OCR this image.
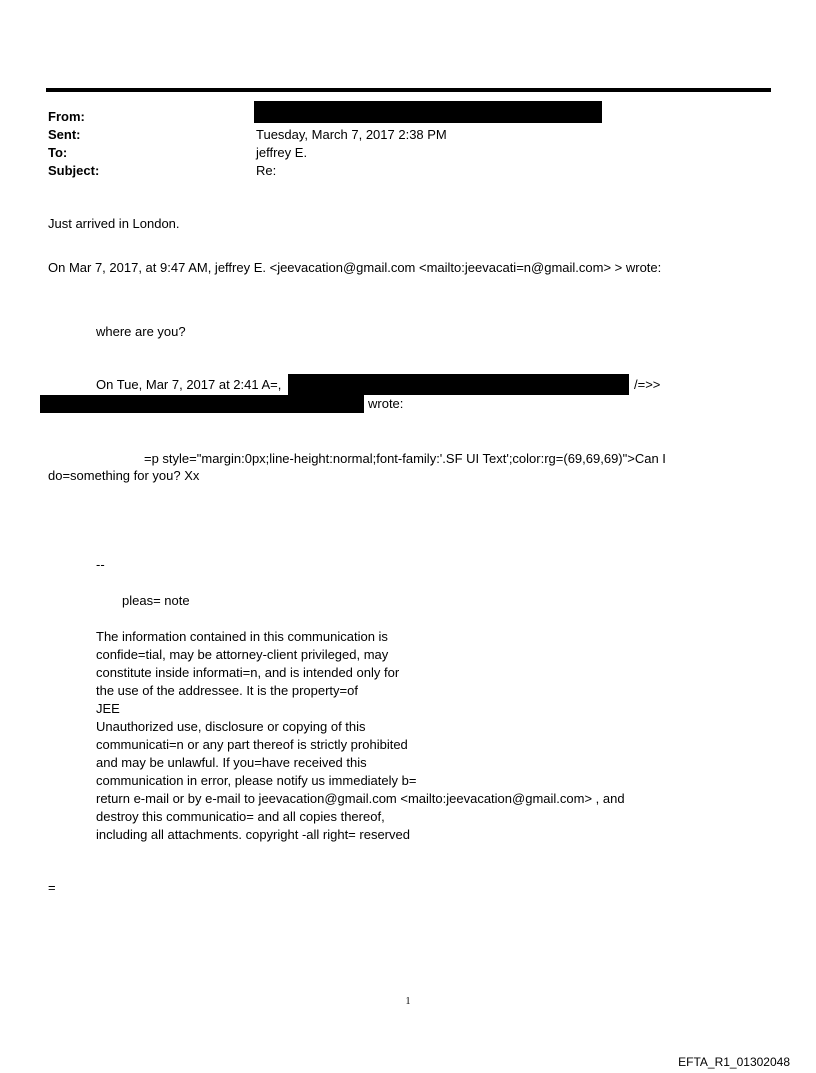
From:
Sent:	Tuesday, March 7, 2017 2:38 PM
To:	jeffrey E.
Subject:	Re:
Just arrived in London.
On Mar 7, 2017, at 9:47 AM, jeffrey E. <jeevacation@gmail.com <mailto:jeevacati=n@gmail.com> > wrote:
where are you?
On Tue, Mar 7, 2017 at 2:41 A=,	/=>>
wrote:
=p style="margin:0px;line-height:normal;font-family:'.SF UI Text';color:rg=(69,69,69)">Can I
do=something for you? Xx
--
pleas= note
The information contained in this communication is
confide=tial, may be attorney-client privileged, may
constitute inside informati=n, and is intended only for
the use of the addressee. It is the property=of
JEE
Unauthorized use, disclosure or copying of this
communicati=n or any part thereof is strictly prohibited
and may be unlawful. If you=have received this
communication in error, please notify us immediately b=
return e-mail or by e-mail to jeevacation@gmail.com <mailto:jeevacation@gmail.com> , and
destroy this communicatio= and all copies thereof,
including all attachments. copyright -all right= reserved
=
1
EFTA_R1_01302048
